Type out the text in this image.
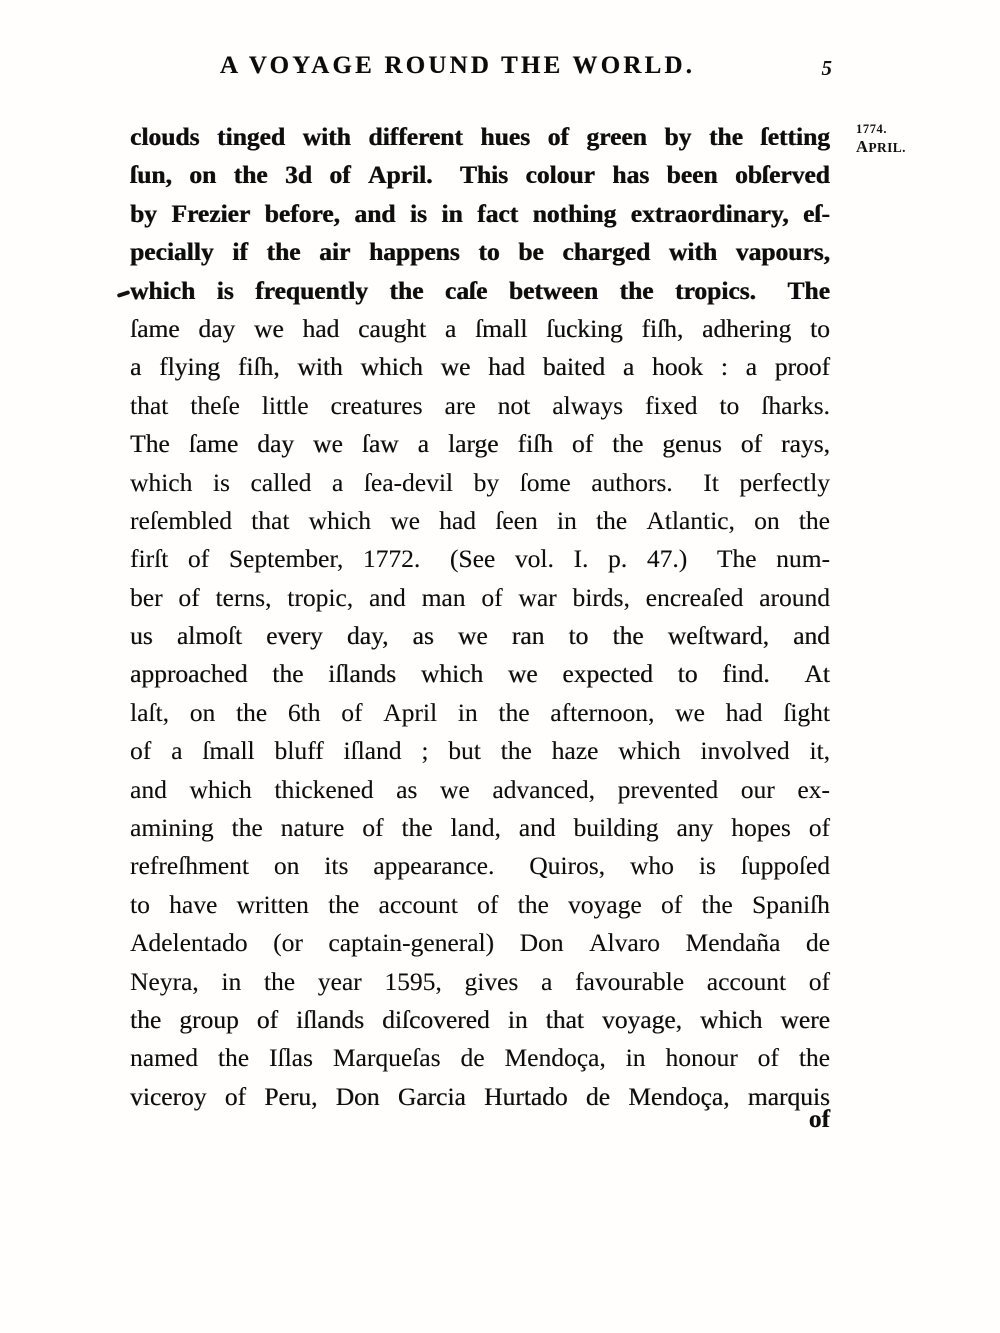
A VOYAGE ROUND THE WORLD.	5
1774.
APRIL.
clouds tinged with different hues of green by the ſetting
ſun, on the 3d of April. This colour has been obſerved
by Frezier before, and is in fact nothing extraordinary, eſ-
pecially if the air happens to be charged with vapours,
which is frequently the caſe between the tropics. The
ſame day we had caught a ſmall ſucking fiſh, adhering to
a flying fiſh, with which we had baited a hook : a proof
that theſe little creatures are not always fixed to ſharks.
The ſame day we ſaw a large fiſh of the genus of rays,
which is called a ſea-devil by ſome authors. It perfectly
reſembled that which we had ſeen in the Atlantic, on the
firſt of September, 1772. (See vol. I. p. 47.) The num-
ber of terns, tropic, and man of war birds, encreaſed around
us almoſt every day, as we ran to the weſtward, and
approached the iſlands which we expected to find. At
laſt, on the 6th of April in the afternoon, we had ſight
of a ſmall bluff iſland ; but the haze which involved it,
and which thickened as we advanced, prevented our ex-
amining the nature of the land, and building any hopes of
refreſhment on its appearance. Quiros, who is ſuppoſed
to have written the account of the voyage of the Spaniſh
Adelentado (or captain-general) Don Alvaro Mendaña de
Neyra, in the year 1595, gives a favourable account of
the group of iſlands diſcovered in that voyage, which were
named the Iſlas Marqueſas de Mendoça, in honour of the
viceroy of Peru, Don Garcia Hurtado de Mendoça, marquis
of
